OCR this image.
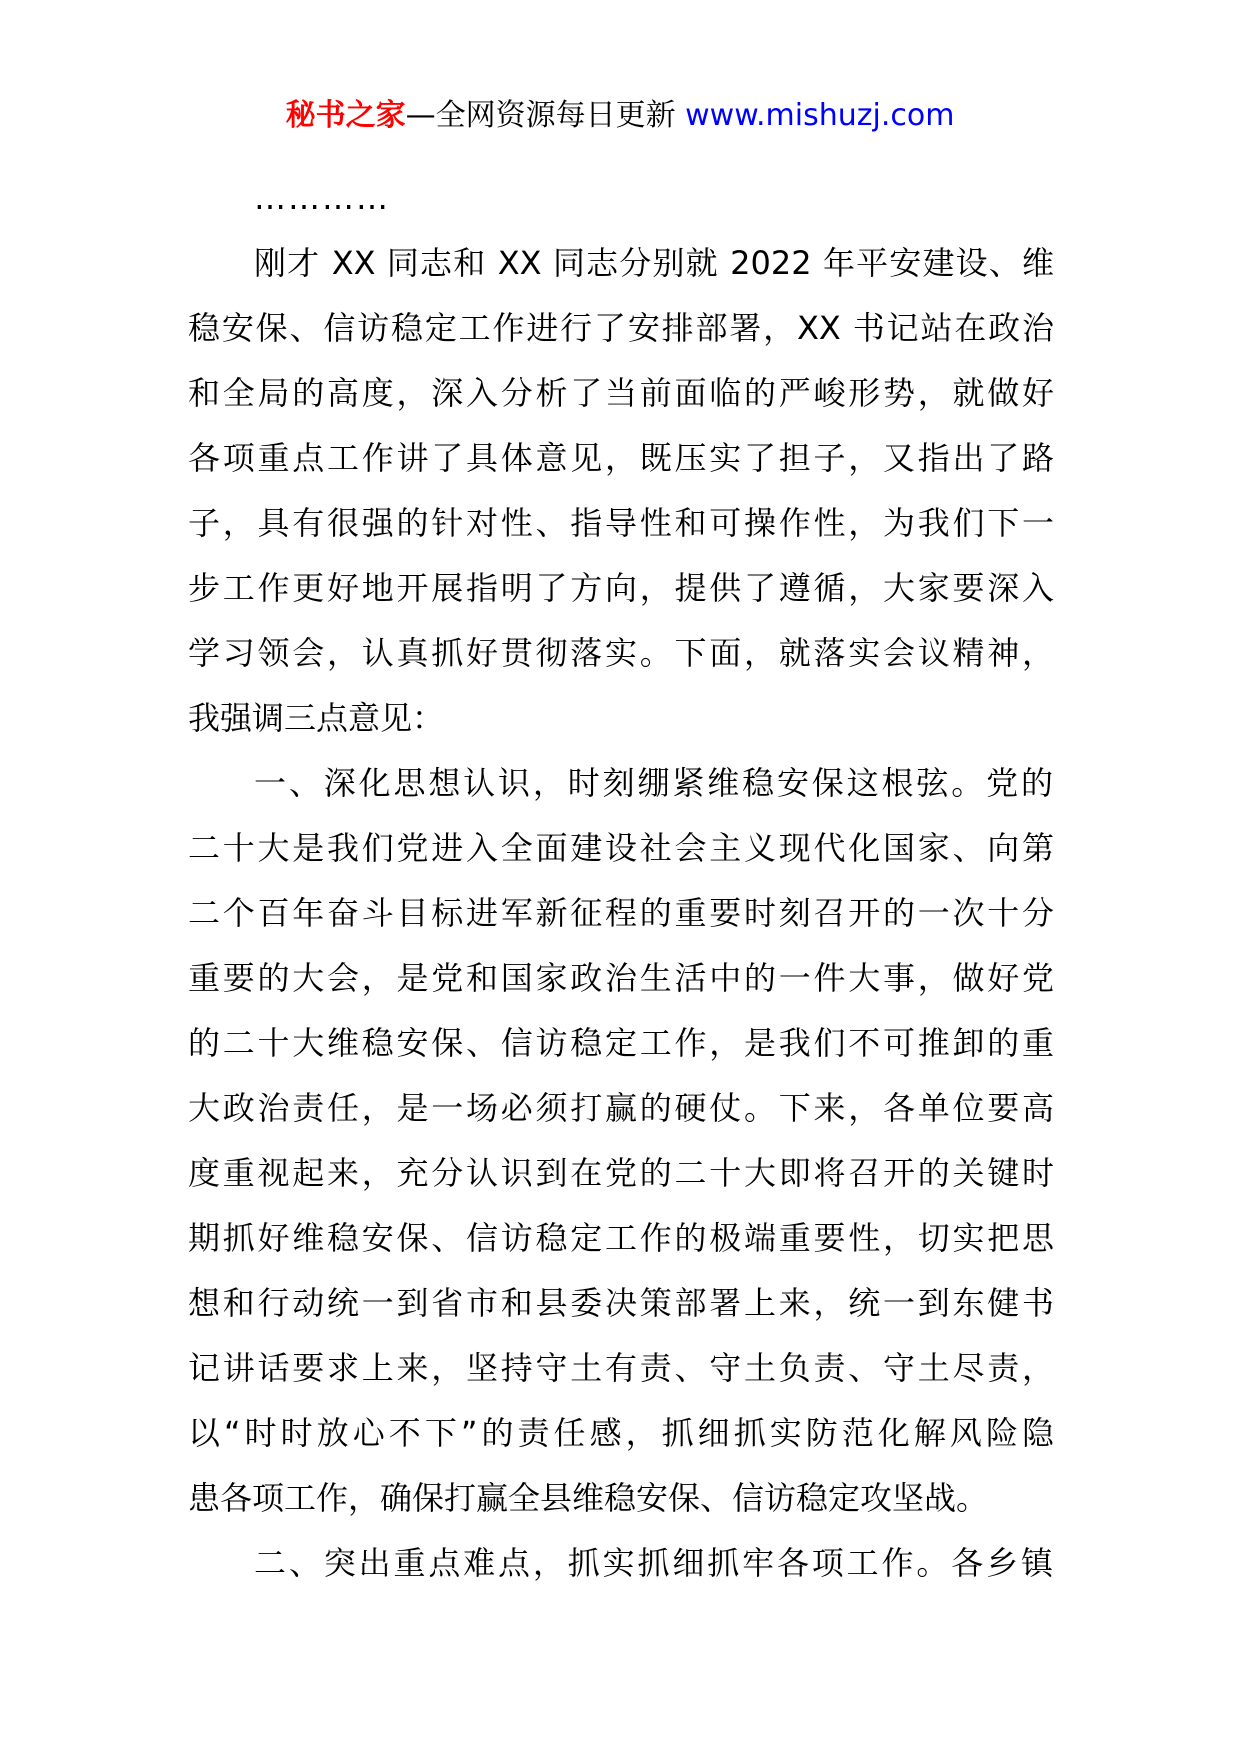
秘书之家—全网资源每日更新 www.mishuzj.com
…………
刚才 XX 同志和 XX 同志分别就 2022 年平安建设、维
稳安保、信访稳定工作进行了安排部署，XX 书记站在政治
和全局的高度，深入分析了当前面临的严峻形势，就做好
各项重点工作讲了具体意见，既压实了担子，又指出了路
子，具有很强的针对性、指导性和可操作性，为我们下一
步工作更好地开展指明了方向，提供了遵循，大家要深入
学习领会，认真抓好贯彻落实。下面，就落实会议精神，
我强调三点意见：
一、深化思想认识，时刻绷紧维稳安保这根弦。党的
二十大是我们党进入全面建设社会主义现代化国家、向第
二个百年奋斗目标进军新征程的重要时刻召开的一次十分
重要的大会，是党和国家政治生活中的一件大事，做好党
的二十大维稳安保、信访稳定工作，是我们不可推卸的重
大政治责任，是一场必须打赢的硬仗。下来，各单位要高
度重视起来，充分认识到在党的二十大即将召开的关键时
期抓好维稳安保、信访稳定工作的极端重要性，切实把思
想和行动统一到省市和县委决策部署上来，统一到东健书
记讲话要求上来，坚持守土有责、守土负责、守土尽责，
以“时时放心不下”的责任感，抓细抓实防范化解风险隐
患各项工作，确保打赢全县维稳安保、信访稳定攻坚战。
二、突出重点难点，抓实抓细抓牢各项工作。各乡镇
